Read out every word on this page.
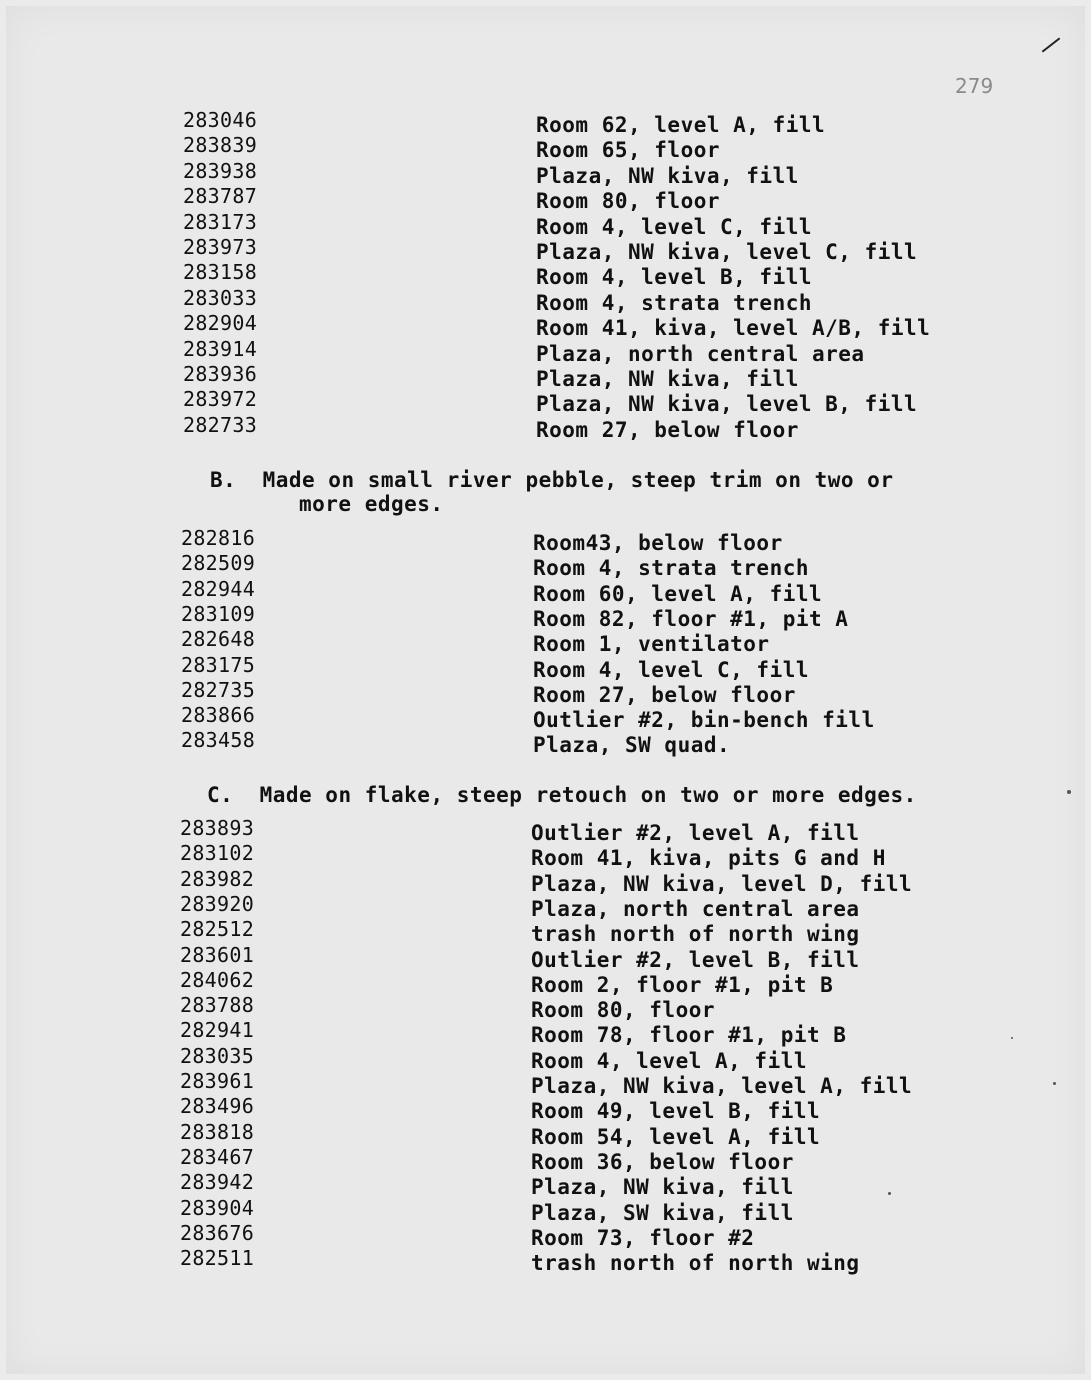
279
283046	Room 62, level A, fill
283839	Room 65, floor
283938	Plaza, NW kiva, fill
283787	Room 80, floor
283173	Room 4, level C, fill
283973	Plaza, NW kiva, level C, fill
283158	Room 4, level B, fill
283033	Room 4, strata trench
282904	Room 41, kiva, level A/B, fill
283914	Plaza, north central area
283936	Plaza, NW kiva, fill
283972	Plaza, NW kiva, level B, fill
282733	Room 27, below floor
B. Made on small river pebble, steep trim on two or
more edges.
282816	Room43, below floor
282509	Room 4, strata trench
282944	Room 60, level A, fill
283109	Room 82, floor #1, pit A
282648	Room 1, ventilator
283175	Room 4, level C, fill
282735	Room 27, below floor
283866	Outlier #2, bin-bench fill
283458	Plaza, SW quad.
C. Made on flake, steep retouch on two or more edges.
283893	Outlier #2, level A, fill
283102	Room 41, kiva, pits G and H
283982	Plaza, NW kiva, level D, fill
283920	Plaza, north central area
282512	trash north of north wing
283601	Outlier #2, level B, fill
284062	Room 2, floor #1, pit B
283788	Room 80, floor
282941	Room 78, floor #1, pit B
283035	Room 4, level A, fill
283961	Plaza, NW kiva, level A, fill
283496	Room 49, level B, fill
283818	Room 54, level A, fill
283467	Room 36, below floor
283942	Plaza, NW kiva, fill
283904	Plaza, SW kiva, fill
283676	Room 73, floor #2
282511	trash north of north wing
